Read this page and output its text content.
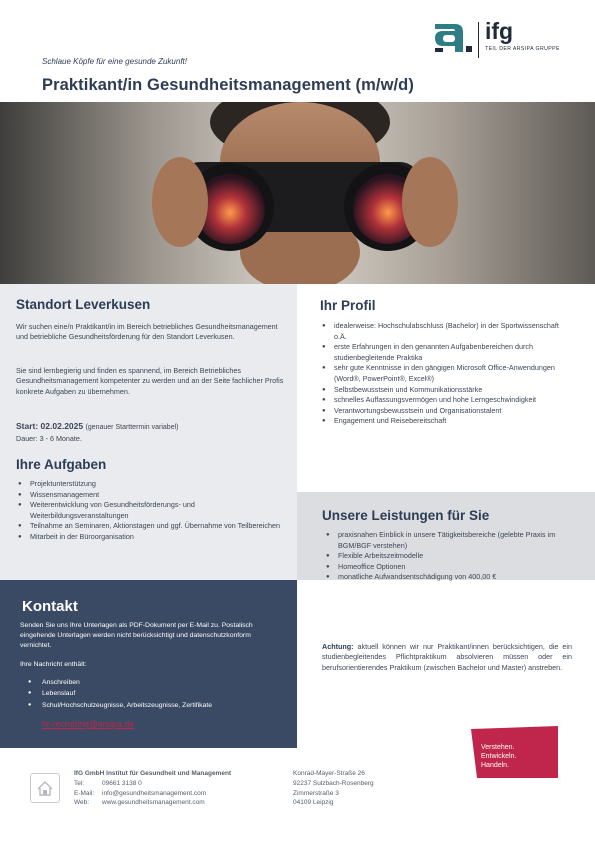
Schlaue Köpfe für eine gesunde Zukunft!
Praktikant/in Gesundheitsmanagement (m/w/d)
ifg
TEIL DER ARSIPA GRUPPE
Standort Leverkusen
Wir suchen eine/n Praktikant/in im Bereich betriebliches Gesundheitsmanagement und betriebliche Gesundheitsförderung für den Standort Leverkusen.
Sie sind lernbegierig und finden es spannend, im Bereich Betriebliches Gesundheitsmanagement kompetenter zu werden und an der Seite fachlicher Profis konkrete Aufgaben zu übernehmen.
Start: 02.02.2025 (genauer Starttermin variabel)
Dauer: 3 - 6 Monate.
Ihre Aufgaben
● Projektunterstützung
● Wissensmanagement
● Weiterentwicklung von Gesundheitsförderungs- und Weiterbildungsveranstaltungen
● Teilnahme an Seminaren, Aktionstagen und ggf. Übernahme von Teilbereichen
● Mitarbeit in der Büroorganisation
Ihr Profil
● idealerweise: Hochschulabschluss (Bachelor) in der Sportwissenschaft o.Ä.
● erste Erfahrungen in den genannten Aufgabenbereichen durch studienbegleitende Praktika
● sehr gute Kenntnisse in den gängigen Microsoft Office-Anwendungen (Word®, PowerPoint®, Excel®)
● Selbstbewusstsein und Kommunikationsstärke
● schnelles Auffassungsvermögen und hohe Lerngeschwindigkeit
● Verantwortungsbewusstsein und Organisationstalent
● Engagement und Reisebereitschaft
Unsere Leistungen für Sie
● praxisnahen Einblick in unsere Tätigkeitsbereiche (gelebte Praxis im BGM/BGF verstehen)
● Flexible Arbeitszeitmodelle
● Homeoffice Optionen
● monatliche Aufwandsentschädigung von 400,00 €
Achtung: aktuell können wir nur Praktikant/innen berücksichtigen, die ein studienbegleitendes Pflichtpraktikum absolvieren müssen oder ein berufsorientierendes Praktikum (zwischen Bachelor und Master) anstreben.
Kontakt
Senden Sie uns Ihre Unterlagen als PDF-Dokument per E-Mail zu. Postalisch eingehende Unterlagen werden nicht berücksichtigt und datenschutzkonform vernichtet.
Ihre Nachricht enthält:
● Anschreiben
● Lebenslauf
● Schul/Hochschulzeugnisse, Arbeitszeugnisse, Zertifikate
hr-recruiting@arsipa.de
IfG GmbH Institut für Gesundheit und Management
Tel:	09661 3138 0
E-Mail: info@gesundheitsmanagement.com
Web: www.gesundheitsmanagement.com
Konrad-Mayer-Straße 26
92237 Sulzbach-Rosenberg
Zimmerstraße 3
04109 Leipzig
Verstehen.
Entwickeln.
Handeln.
